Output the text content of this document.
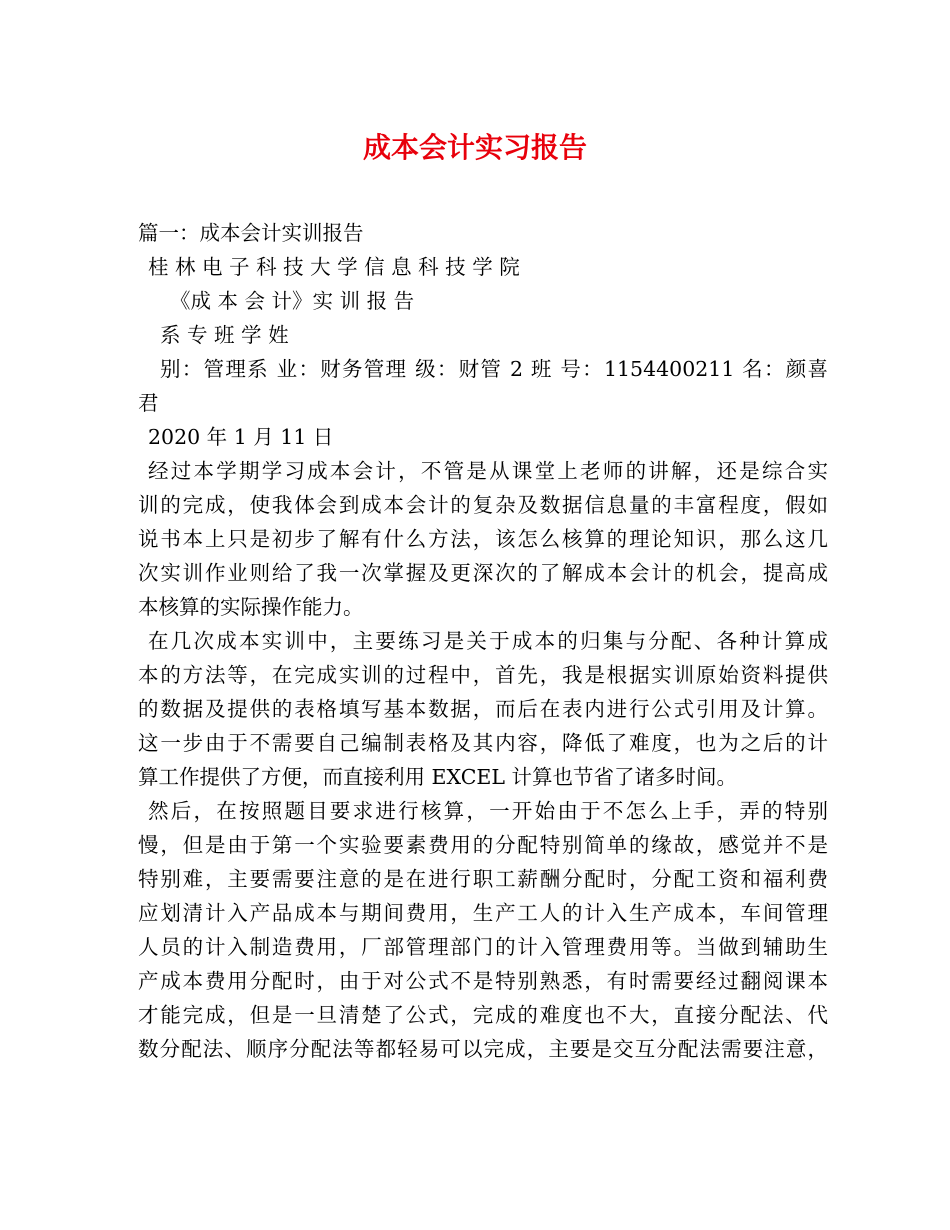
成本会计实习报告
篇一：成本会计实训报告
桂 林 电 子 科 技 大 学 信 息 科 技 学 院
《成 本 会 计》实 训 报 告
系 专 班 学 姓
别：管理系 业：财务管理 级：财管 2 班 号：1154400211 名：颜喜
君
2020 年 1 月 11 日
经过本学期学习成本会计，不管是从课堂上老师的讲解，还是综合实
训的完成，使我体会到成本会计的复杂及数据信息量的丰富程度，假如
说书本上只是初步了解有什么方法，该怎么核算的理论知识，那么这几
次实训作业则给了我一次掌握及更深次的了解成本会计的机会，提高成
本核算的实际操作能力。
在几次成本实训中，主要练习是关于成本的归集与分配、各种计算成
本的方法等，在完成实训的过程中，首先，我是根据实训原始资料提供
的数据及提供的表格填写基本数据，而后在表内进行公式引用及计算。
这一步由于不需要自己编制表格及其内容，降低了难度，也为之后的计
算工作提供了方便，而直接利用 EXCEL 计算也节省了诸多时间。
然后，在按照题目要求进行核算，一开始由于不怎么上手，弄的特别
慢，但是由于第一个实验要素费用的分配特别简单的缘故，感觉并不是
特别难，主要需要注意的是在进行职工薪酬分配时，分配工资和福利费
应划清计入产品成本与期间费用，生产工人的计入生产成本，车间管理
人员的计入制造费用，厂部管理部门的计入管理费用等。当做到辅助生
产成本费用分配时，由于对公式不是特别熟悉，有时需要经过翻阅课本
才能完成，但是一旦清楚了公式，完成的难度也不大，直接分配法、代
数分配法、顺序分配法等都轻易可以完成，主要是交互分配法需要注意，
